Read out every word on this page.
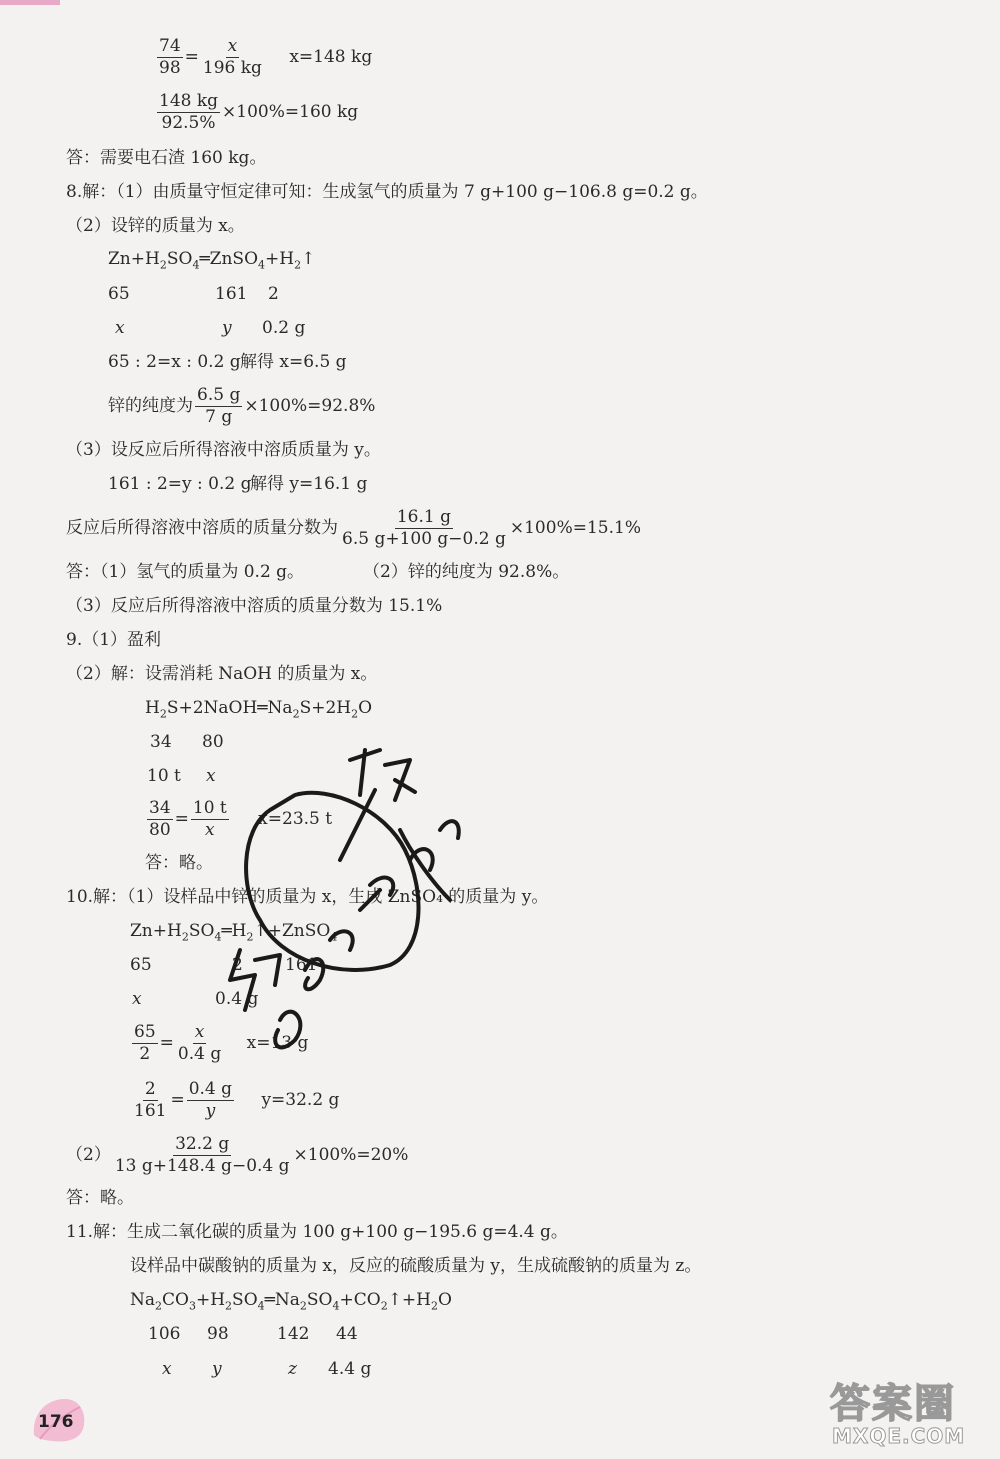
$\frac{74}{98} = \frac{x}{196 kg} x=148$ kg
$\frac{148 kg}{92.5\%} \times 100\%=160$ kg
答：需要电石渣 160 kg。
8.解：（1）由质量守恒定律可知：生成氢气的质量为 7 g+100 g−106.8 g=0.2 g。
（2）设锌的质量为 x。
$Zn+H_2SO_4═ZnSO_4+H_2↑$
65	161 2
x	y 0.2 g
65 : 2=x : 0.2 g 解得 x=6.5 g
锌的纯度为 $\frac{6.5 g}{7 g} \times 100\%=92.8\%$
（3）设反应后所得溶液中溶质质量为 y。
161 : 2=y : 0.2 g
解得 y=16.1 g
反应后所得溶液中溶质的质量分数为 $\frac{16.1 g}{6.5 g+100 g-0.2 g} \times 100\%=15.1\%$
答：（1）氢气的质量为 0.2 g。	（2）锌的纯度为 92.8%。
（3）反应后所得溶液中溶质的质量分数为 15.1%
9.（1）盈利
（2）解：设需消耗 NaOH 的质量为 x。
$H_2S+2NaOH═Na_2S+2H_2O$
34 80
10 t x
$\frac{34}{80} = \frac{10 t}{x} x=23.5$ t
答：略。
10.解：（1）设样品中锌的质量为 x，生成 ZnSO₄ 的质量为 y。
$Zn+H_2SO_4═H_2↑+ZnSO_4$
65	2 161
x	0.4 g
$\frac{65}{2} = \frac{x}{0.4 g} x=13$ g
$\frac{2}{161} = \frac{0.4 g}{y} y=32.2$ g
$(2) \frac{32.2 g}{13 g+148.4 g-0.4 g} \times 100\%=20\%$
答：略。
11.解：生成二氧化碳的质量为 100 g+100 g−195.6 g=4.4 g。
设样品中碳酸钠的质量为 x，反应的硫酸质量为 y，生成硫酸钠的质量为 z。
$Na_2CO_3+H_2SO_4═Na_2SO_4+CO_2↑+H_2O$
106 98	142 44
x y	z 4.4 g
互助文档
hdzuoye.com
176	答案圈
MXQE.COM
